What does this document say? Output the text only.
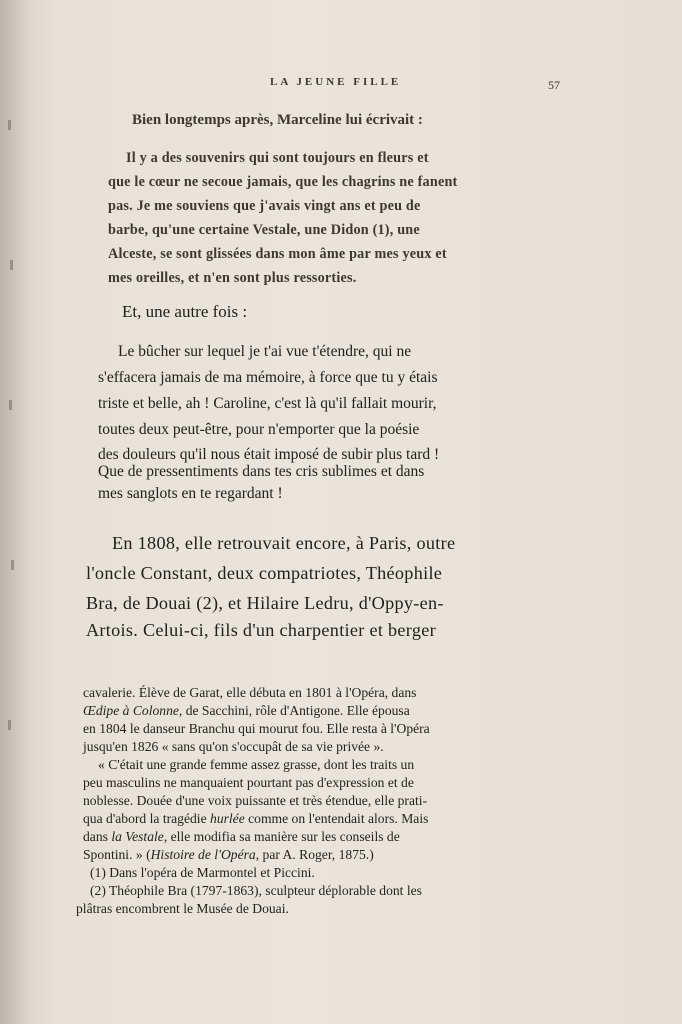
LA JEUNE FILLE	57
Bien longtemps après, Marceline lui écrivait :
Il y a des souvenirs qui sont toujours en fleurs et
que le cœur ne secoue jamais, que les chagrins ne fanent
pas. Je me souviens que j'avais vingt ans et peu de
barbe, qu'une certaine Vestale, une Didon (1), une
Alceste, se sont glissées dans mon âme par mes yeux et
mes oreilles, et n'en sont plus ressorties.
Et, une autre fois :
Le bûcher sur lequel je t'ai vue t'étendre, qui ne
s'effacera jamais de ma mémoire, à force que tu y étais
triste et belle, ah ! Caroline, c'est là qu'il fallait mourir,
toutes deux peut-être, pour n'emporter que la poésie
des douleurs qu'il nous était imposé de subir plus tard !
Que de pressentiments dans tes cris sublimes et dans
mes sanglots en te regardant !
En 1808, elle retrouvait encore, à Paris, outre
l'oncle Constant, deux compatriotes, Théophile
Bra, de Douai (2), et Hilaire Ledru, d'Oppy-en-
Artois. Celui-ci, fils d'un charpentier et berger
cavalerie. Élève de Garat, elle débuta en 1801 à l'Opéra, dans
Œdipe à Colonne, de Sacchini, rôle d'Antigone. Elle épousa
en 1804 le danseur Branchu qui mourut fou. Elle resta à l'Opéra
jusqu'en 1826 « sans qu'on s'occupât de sa vie privée ».
« C'était une grande femme assez grasse, dont les traits un
peu masculins ne manquaient pourtant pas d'expression et de
noblesse. Douée d'une voix puissante et très étendue, elle prati-
qua d'abord la tragédie hurlée comme on l'entendait alors. Mais
dans la Vestale, elle modifia sa manière sur les conseils de
Spontini. » (Histoire de l'Opéra, par A. Roger, 1875.)
(1) Dans l'opéra de Marmontel et Piccini.
(2) Théophile Bra (1797-1863), sculpteur déplorable dont les
plâtras encombrent le Musée de Douai.
